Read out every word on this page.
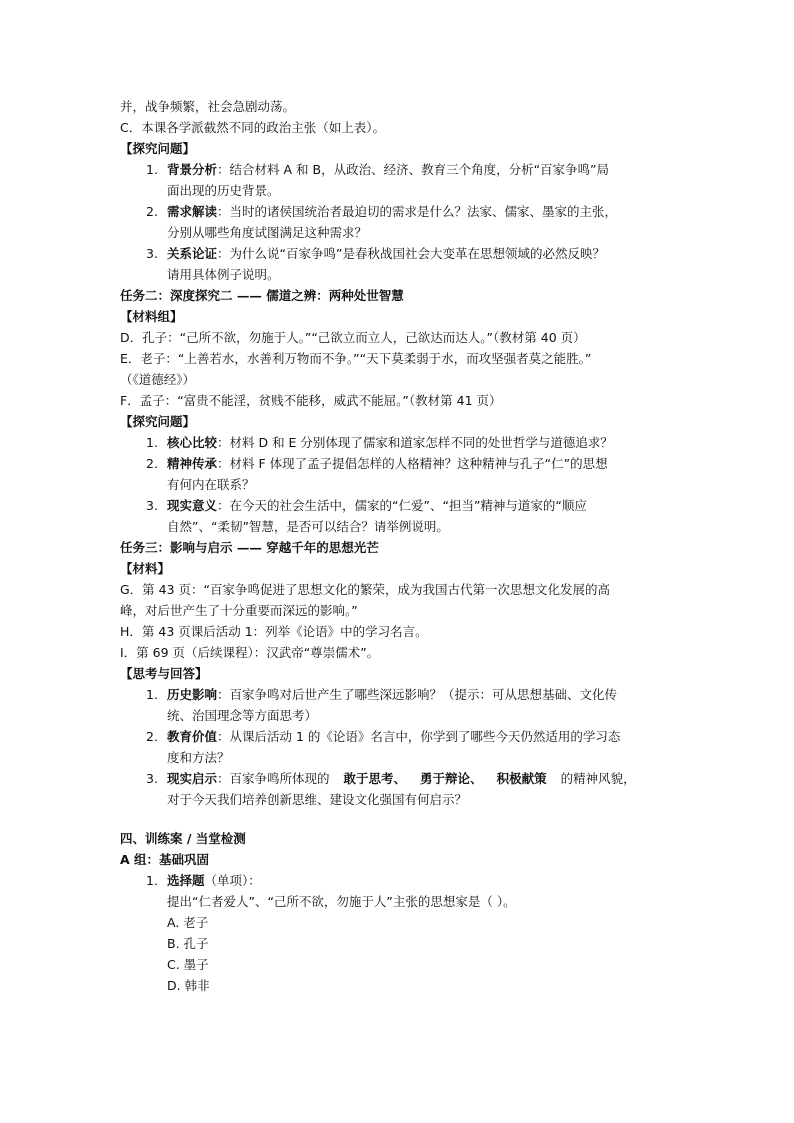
并，战争频繁，社会急剧动荡。
C．本课各学派截然不同的政治主张（如上表）。
【探究问题】
1. 背景分析：结合材料 A 和 B，从政治、经济、教育三个角度，分析“百家争鸣”局
面出现的历史背景。
2. 需求解读：当时的诸侯国统治者最迫切的需求是什么？法家、儒家、墨家的主张，
分别从哪些角度试图满足这种需求？
3. 关系论证：为什么说“百家争鸣”是春秋战国社会大变革在思想领域的必然反映？
请用具体例子说明。
任务二：深度探究二 —— 儒道之辨：两种处世智慧
【材料组】
D．孔子：“己所不欲，勿施于人。”“己欲立而立人，己欲达而达人。”（教材第 40 页）
E．老子：“上善若水，水善利万物而不争。”“天下莫柔弱于水，而攻坚强者莫之能胜。”
（《道德经》）
F．孟子：“富贵不能淫，贫贱不能移，威武不能屈。”（教材第 41 页）
【探究问题】
1. 核心比较：材料 D 和 E 分别体现了儒家和道家怎样不同的处世哲学与道德追求？
2. 精神传承：材料 F 体现了孟子提倡怎样的人格精神？这种精神与孔子“仁”的思想
有何内在联系？
3. 现实意义：在今天的社会生活中，儒家的“仁爱”、“担当”精神与道家的“顺应
自然”、“柔韧”智慧，是否可以结合？请举例说明。
任务三：影响与启示 —— 穿越千年的思想光芒
【材料】
G．第 43 页：“百家争鸣促进了思想文化的繁荣，成为我国古代第一次思想文化发展的高
峰，对后世产生了十分重要而深远的影响。”
H．第 43 页课后活动 1：列举《论语》中的学习名言。
I．第 69 页（后续课程）：汉武帝“尊崇儒术”。
【思考与回答】
1. 历史影响：百家争鸣对后世产生了哪些深远影响？（提示：可从思想基础、文化传
统、治国理念等方面思考）
2. 教育价值：从课后活动 1 的《论语》名言中，你学到了哪些今天仍然适用的学习态
度和方法？
3. 现实启示：百家争鸣所体现的 敢于思考、 勇于辩论、 积极献策 的精神风貌，
对于今天我们培养创新思维、建设文化强国有何启示？
四、训练案 / 当堂检测
A 组：基础巩固
1. 选择题（单项）：
提出“仁者爱人”、“己所不欲，勿施于人”主张的思想家是（ ）。
A. 老子
B. 孔子
C. 墨子
D. 韩非
